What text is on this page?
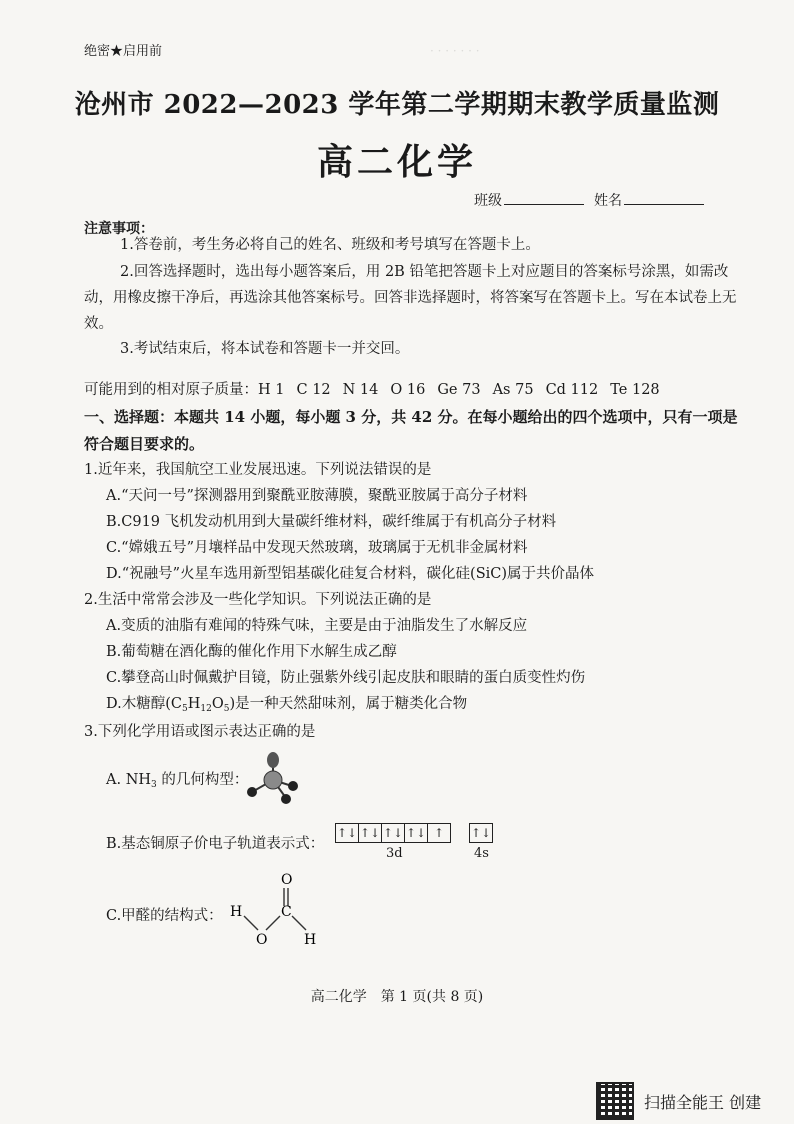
· · · · · · ·
绝密★启用前
沧州市 2022—2023 学年第二学期期末教学质量监测
高二化学
班级	姓名
注意事项：
1.答卷前，考生务必将自己的姓名、班级和考号填写在答题卡上。
2.回答选择题时，选出每小题答案后，用 2B 铅笔把答题卡上对应题目的答案标号涂黑，如需改动，用橡皮擦干净后，再选涂其他答案标号。回答非选择题时，将答案写在答题卡上。写在本试卷上无效。
3.考试结束后，将本试卷和答题卡一并交回。
可能用到的相对原子质量：H 1 C 12 N 14 O 16 Ge 73 As 75 Cd 112 Te 128
一、选择题：本题共 14 小题，每小题 3 分，共 42 分。在每小题给出的四个选项中，只有一项是符合题目要求的。
1.近年来，我国航空工业发展迅速。下列说法错误的是
A.“天问一号”探测器用到聚酰亚胺薄膜，聚酰亚胺属于高分子材料
B.C919 飞机发动机用到大量碳纤维材料，碳纤维属于有机高分子材料
C.“嫦娥五号”月壤样品中发现天然玻璃，玻璃属于无机非金属材料
D.“祝融号”火星车选用新型铝基碳化硅复合材料，碳化硅(SiC)属于共价晶体
2.生活中常常会涉及一些化学知识。下列说法正确的是
A.变质的油脂有难闻的特殊气味，主要是由于油脂发生了水解反应
B.葡萄糖在酒化酶的催化作用下水解生成乙醇
C.攀登高山时佩戴护目镜，防止强紫外线引起皮肤和眼睛的蛋白质变性灼伤
D.木糖醇$(C_5H_{12}O_5)$是一种天然甜味剂，属于糖类化合物
3.下列化学用语或图示表达正确的是
A. $NH_3$ 的几何构型：
B.基态铜原子价电子轨道表示式：
↑↓ ↑↓ ↑↓ ↑↓ ↑
3d
↑↓
4s
C.甲醛的结构式：
O
H	C
O	H
高二化学　第 1 页(共 8 页)
扫描全能王 创建
